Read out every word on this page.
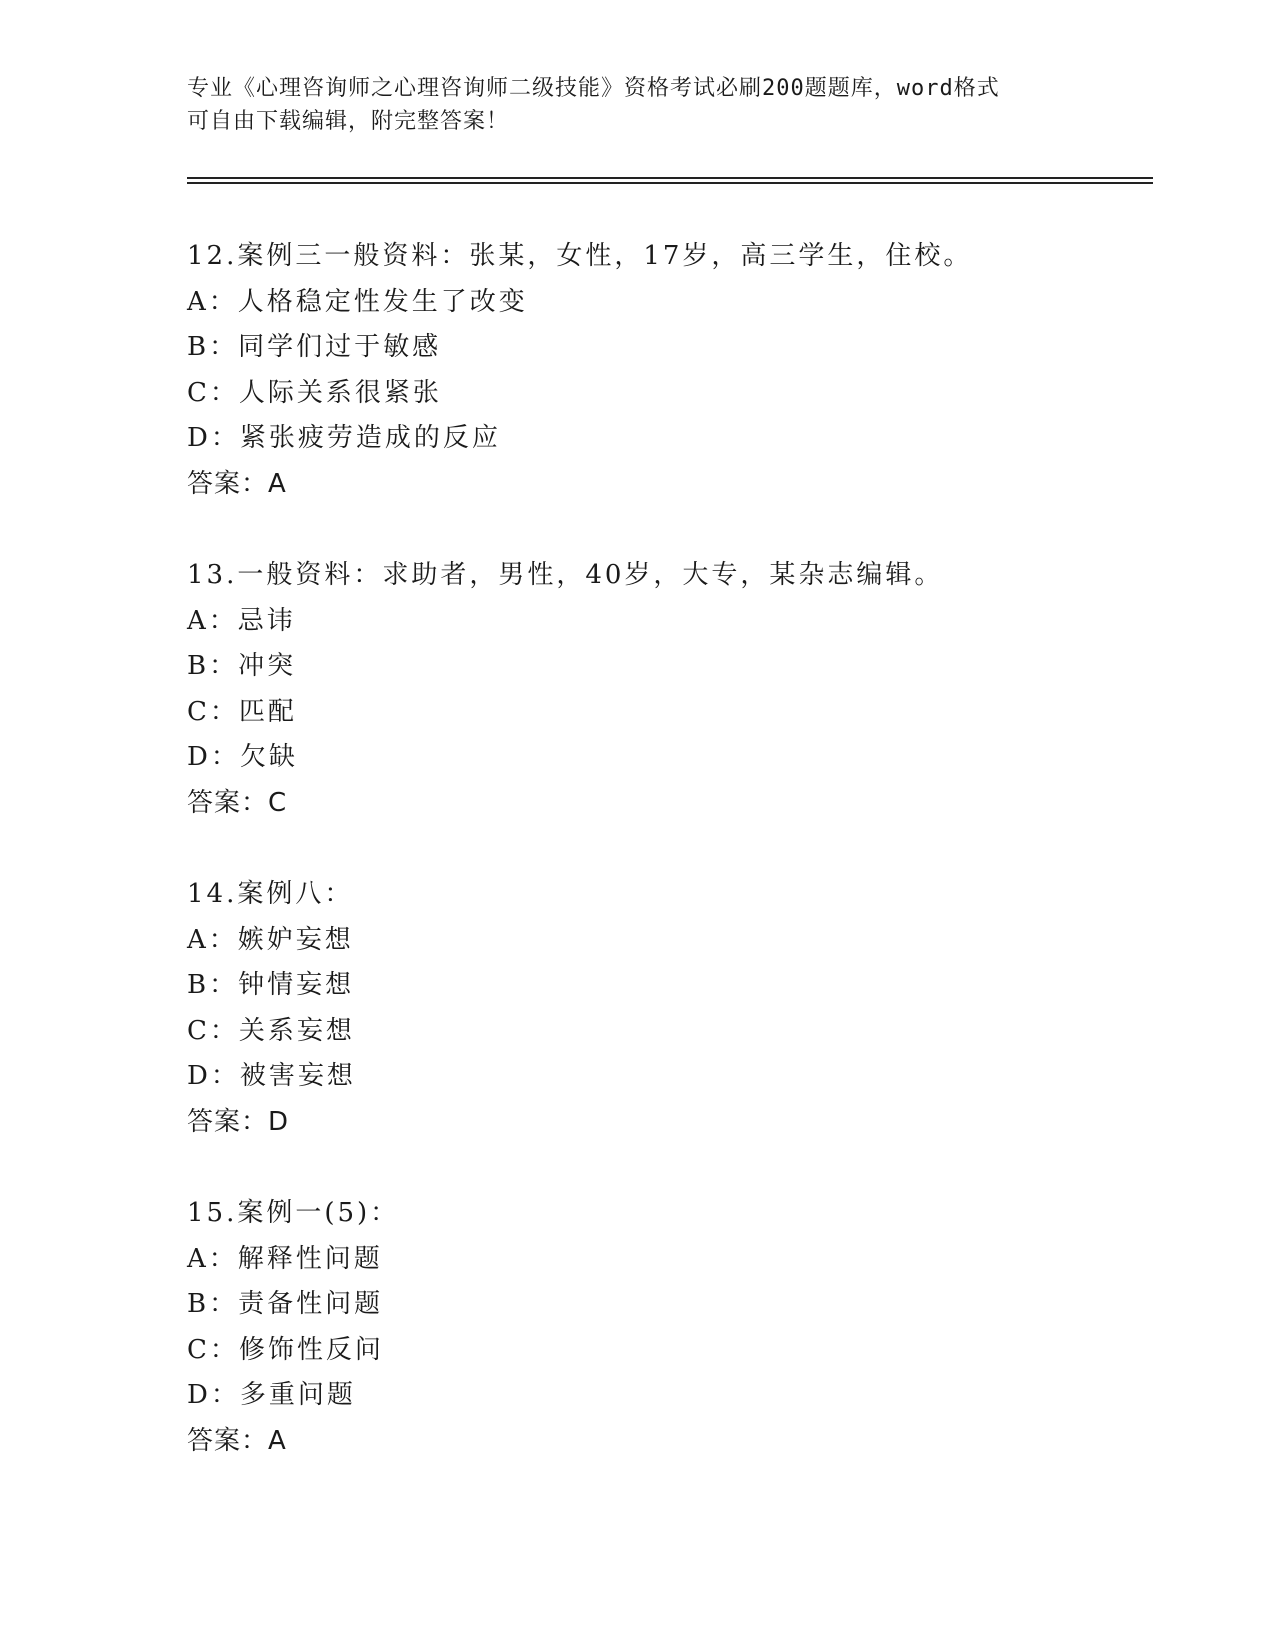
专业《心理咨询师之心理咨询师二级技能》资格考试必刷200题题库，word格式
可自由下载编辑，附完整答案！
12.案例三一般资料：张某，女性，17岁，高三学生，住校。
A：人格稳定性发生了改变
B：同学们过于敏感
C：人际关系很紧张
D：紧张疲劳造成的反应
答案：A
13.一般资料：求助者，男性，40岁，大专，某杂志编辑。
A：忌讳
B：冲突
C：匹配
D：欠缺
答案：C
14.案例八：
A：嫉妒妄想
B：钟情妄想
C：关系妄想
D：被害妄想
答案：D
15.案例一(5)：
A：解释性问题
B：责备性问题
C：修饰性反问
D：多重问题
答案：A
